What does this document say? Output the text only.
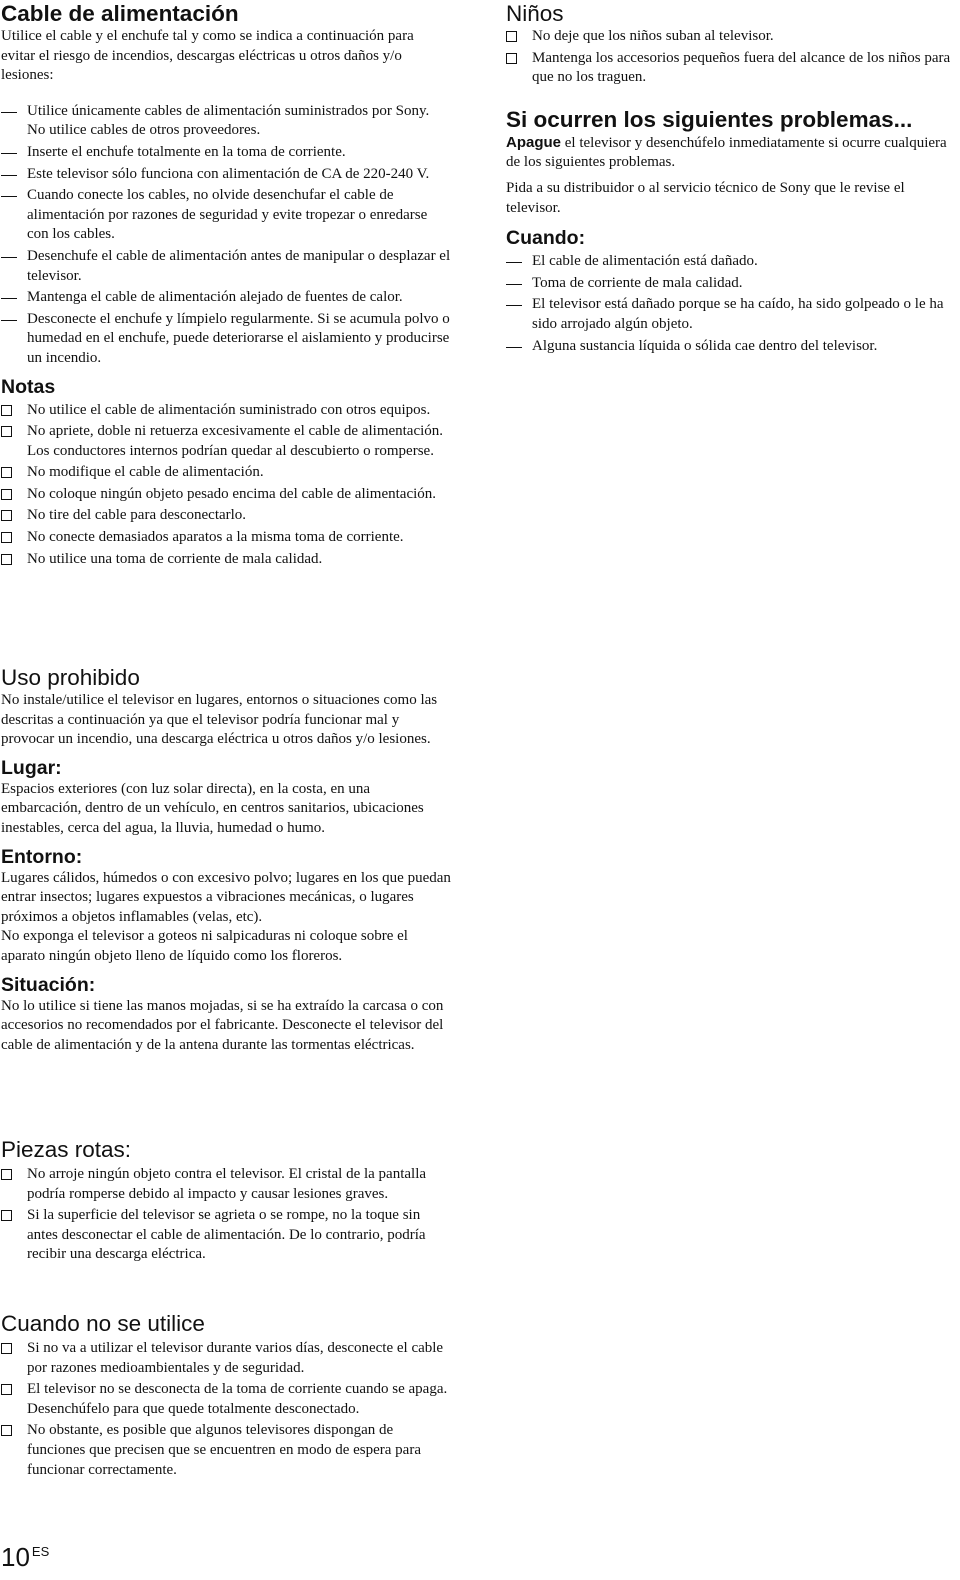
Cable de alimentación

Utilice el cable y el enchufe tal y como se indica a continuación para evitar el riesgo de incendios, descargas eléctricas u otros daños y/o lesiones:

Utilice únicamente cables de alimentación suministrados por Sony. No utilice cables de otros proveedores.
Inserte el enchufe totalmente en la toma de corriente.
Este televisor sólo funciona con alimentación de CA de 220-240 V.
Cuando conecte los cables, no olvide desenchufar el cable de alimentación por razones de seguridad y evite tropezar o enredarse con los cables.
Desenchufe el cable de alimentación antes de manipular o desplazar el televisor.
Mantenga el cable de alimentación alejado de fuentes de calor.
Desconecte el enchufe y límpielo regularmente. Si se acumula polvo o humedad en el enchufe, puede deteriorarse el aislamiento y producirse un incendio.
Notas
No utilice el cable de alimentación suministrado con otros equipos.
No apriete, doble ni retuerza excesivamente el cable de alimentación. Los conductores internos podrían quedar al descubierto o romperse.
No modifique el cable de alimentación.
No coloque ningún objeto pesado encima del cable de alimentación.
No tire del cable para desconectarlo.
No conecte demasiados aparatos a la misma toma de corriente.
No utilice una toma de corriente de mala calidad.
Uso prohibido

No instale/utilice el televisor en lugares, entornos o situaciones como las descritas a continuación ya que el televisor podría funcionar mal y provocar un incendio, una descarga eléctrica u otros daños y/o lesiones.

Lugar:

Espacios exteriores (con luz solar directa), en la costa, en una embarcación, dentro de un vehículo, en centros sanitarios, ubicaciones inestables, cerca del agua, la lluvia, humedad o humo.

Entorno:

Lugares cálidos, húmedos o con excesivo polvo; lugares en los que puedan entrar insectos; lugares expuestos a vibraciones mecánicas, o lugares próximos a objetos inflamables (velas, etc).

No exponga el televisor a goteos ni salpicaduras ni coloque sobre el aparato ningún objeto lleno de líquido como los floreros.

Situación:

No lo utilice si tiene las manos mojadas, si se ha extraído la carcasa o con accesorios no recomendados por el fabricante. Desconecte el televisor del cable de alimentación y de la antena durante las tormentas eléctricas.

Piezas rotas:
No arroje ningún objeto contra el televisor. El cristal de la pantalla podría romperse debido al impacto y causar lesiones graves.
Si la superficie del televisor se agrieta o se rompe, no la toque sin antes desconectar el cable de alimentación. De lo contrario, podría recibir una descarga eléctrica.
Cuando no se utilice
Si no va a utilizar el televisor durante varios días, desconecte el cable por razones medioambientales y de seguridad.
El televisor no se desconecta de la toma de corriente cuando se apaga. Desenchúfelo para que quede totalmente desconectado.
No obstante, es posible que algunos televisores dispongan de funciones que precisen que se encuentren en modo de espera para funcionar correctamente.
Niños
No deje que los niños suban al televisor.
Mantenga los accesorios pequeños fuera del alcance de los niños para que no los traguen.
Si ocurren los siguientes problemas...

Apague el televisor y desenchúfelo inmediatamente si ocurre cualquiera de los siguientes problemas.

Pida a su distribuidor o al servicio técnico de Sony que le revise el televisor.

Cuando:
El cable de alimentación está dañado.
Toma de corriente de mala calidad.
El televisor está dañado porque se ha caído, ha sido golpeado o le ha sido arrojado algún objeto.
Alguna sustancia líquida o sólida cae dentro del televisor.
10 $^{ES}$
